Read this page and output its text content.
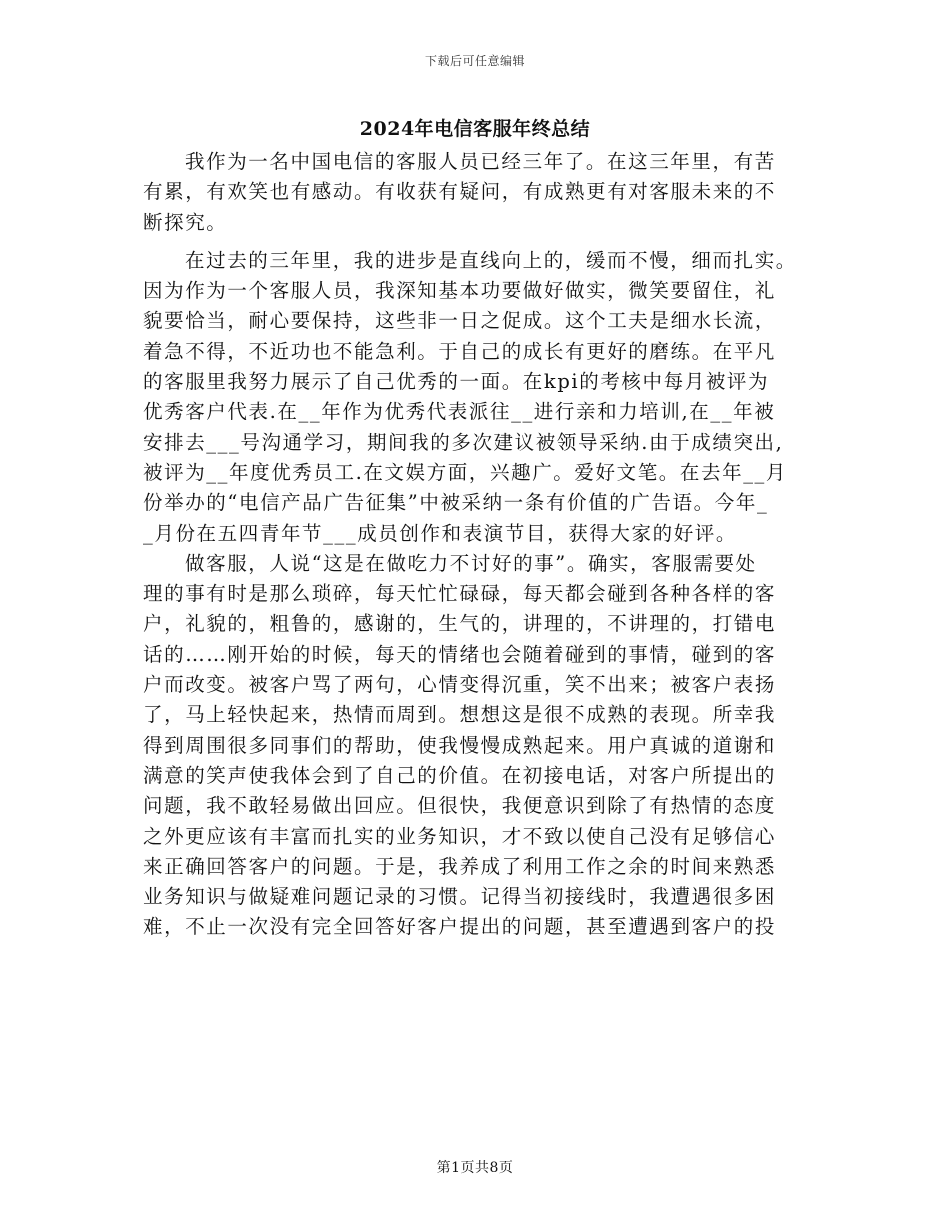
下载后可任意编辑
2024年电信客服年终总结
我作为一名中国电信的客服人员已经三年了。在这三年里，有苦
有累，有欢笑也有感动。有收获有疑问，有成熟更有对客服未来的不
断探究。
在过去的三年里，我的进步是直线向上的，缓而不慢，细而扎实。
因为作为一个客服人员，我深知基本功要做好做实，微笑要留住，礼
貌要恰当，耐心要保持，这些非一日之促成。这个工夫是细水长流，
着急不得，不近功也不能急利。于自己的成长有更好的磨练。在平凡
的客服里我努力展示了自己优秀的一面。在kpi的考核中每月被评为
优秀客户代表.在__年作为优秀代表派往__进行亲和力培训,在__年被
安排去___号沟通学习，期间我的多次建议被领导采纳.由于成绩突出,
被评为__年度优秀员工.在文娱方面，兴趣广。爱好文笔。在去年__月
份举办的“电信产品广告征集”中被采纳一条有价值的广告语。今年_
_月份在五四青年节___成员创作和表演节目，获得大家的好评。
做客服，人说“这是在做吃力不讨好的事”。确实，客服需要处
理的事有时是那么琐碎，每天忙忙碌碌，每天都会碰到各种各样的客
户，礼貌的，粗鲁的，感谢的，生气的，讲理的，不讲理的，打错电
话的……刚开始的时候，每天的情绪也会随着碰到的事情，碰到的客
户而改变。被客户骂了两句，心情变得沉重，笑不出来；被客户表扬
了，马上轻快起来，热情而周到。想想这是很不成熟的表现。所幸我
得到周围很多同事们的帮助，使我慢慢成熟起来。用户真诚的道谢和
满意的笑声使我体会到了自己的价值。在初接电话，对客户所提出的
问题，我不敢轻易做出回应。但很快，我便意识到除了有热情的态度
之外更应该有丰富而扎实的业务知识，才不致以使自己没有足够信心
来正确回答客户的问题。于是，我养成了利用工作之余的时间来熟悉
业务知识与做疑难问题记录的习惯。记得当初接线时，我遭遇很多困
难，不止一次没有完全回答好客户提出的问题，甚至遭遇到客户的投
第1页共8页
